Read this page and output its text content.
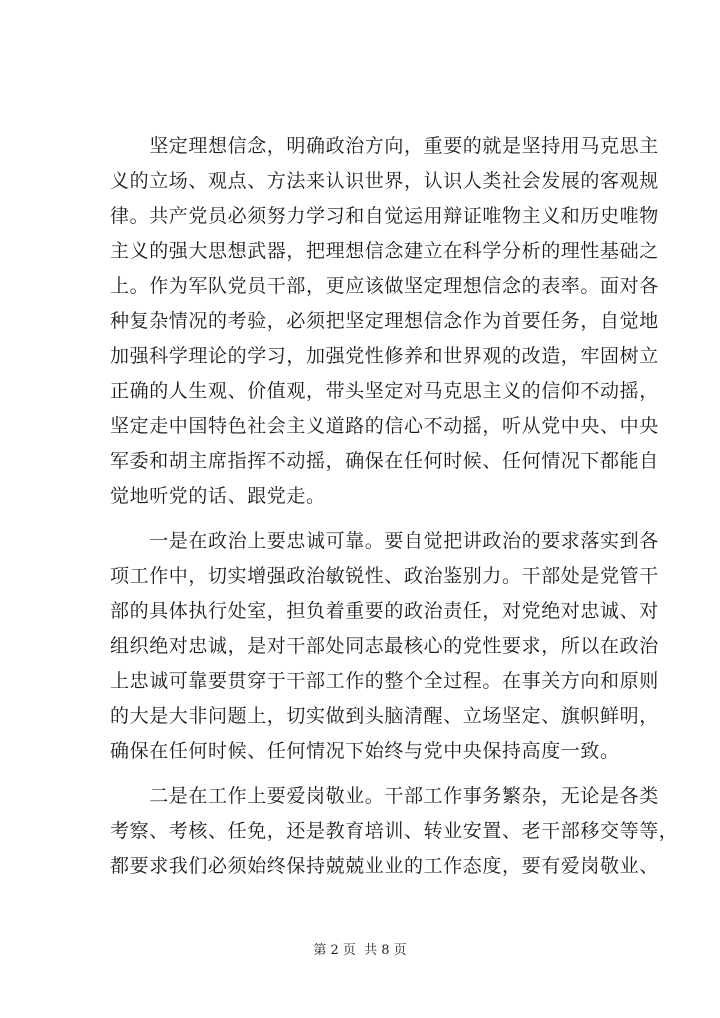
　　坚定理想信念，明确政治方向，重要的就是坚持用马克思主
义的立场、观点、方法来认识世界，认识人类社会发展的客观规
律。共产党员必须努力学习和自觉运用辩证唯物主义和历史唯物
主义的强大思想武器，把理想信念建立在科学分析的理性基础之
上。作为军队党员干部，更应该做坚定理想信念的表率。面对各
种复杂情况的考验，必须把坚定理想信念作为首要任务，自觉地
加强科学理论的学习，加强党性修养和世界观的改造，牢固树立
正确的人生观、价值观，带头坚定对马克思主义的信仰不动摇，
坚定走中国特色社会主义道路的信心不动摇，听从党中央、中央
军委和胡主席指挥不动摇，确保在任何时候、任何情况下都能自
觉地听党的话、跟党走。
　　一是在政治上要忠诚可靠。要自觉把讲政治的要求落实到各
项工作中，切实增强政治敏锐性、政治鉴别力。干部处是党管干
部的具体执行处室，担负着重要的政治责任，对党绝对忠诚、对
组织绝对忠诚，是对干部处同志最核心的党性要求，所以在政治
上忠诚可靠要贯穿于干部工作的整个全过程。在事关方向和原则
的大是大非问题上，切实做到头脑清醒、立场坚定、旗帜鲜明，
确保在任何时候、任何情况下始终与党中央保持高度一致。
　　二是在工作上要爱岗敬业。干部工作事务繁杂，无论是各类
考察、考核、任免，还是教育培训、转业安置、老干部移交等等，
都要求我们必须始终保持兢兢业业的工作态度，要有爱岗敬业、
第 2 页 共 8 页
